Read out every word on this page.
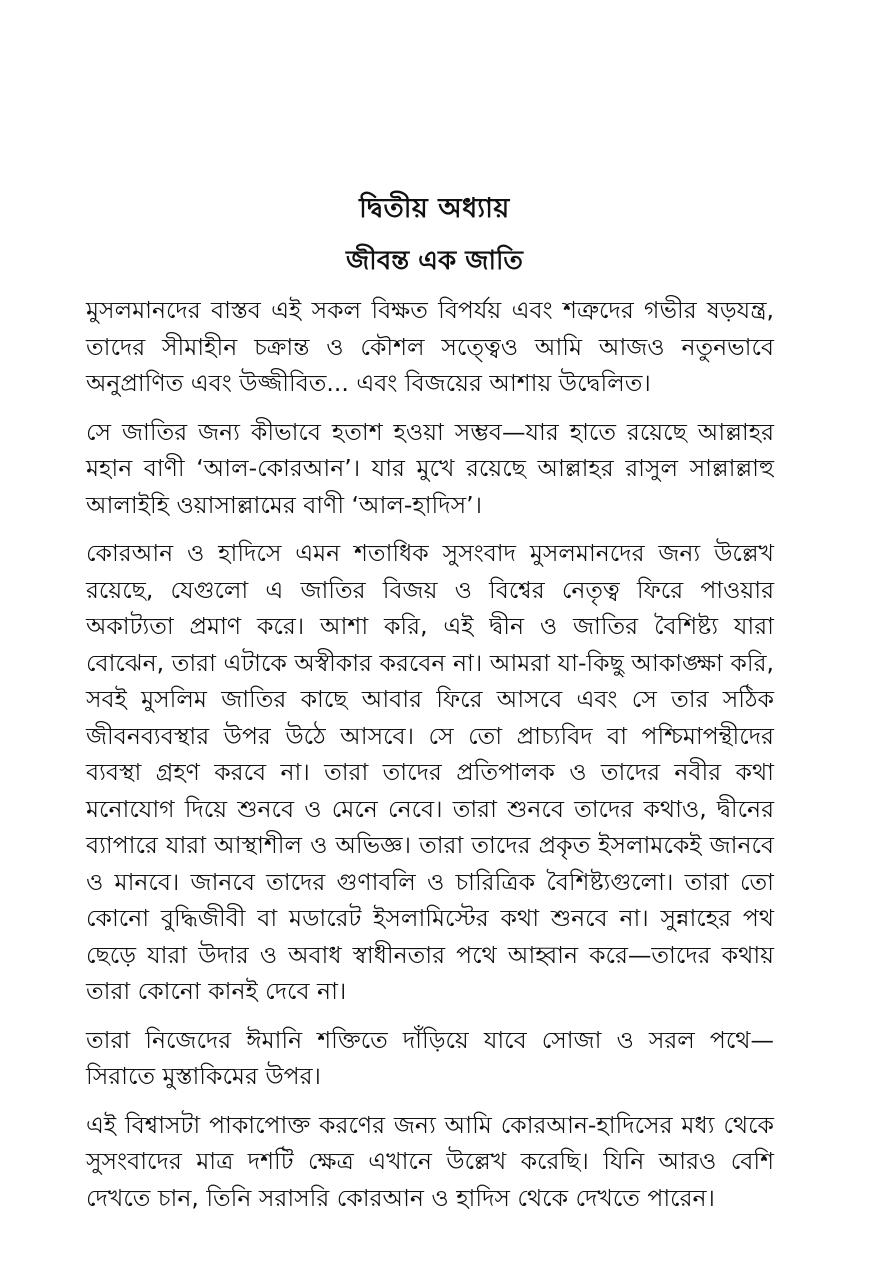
দ্বিতীয় অধ্যায়
জীবন্ত এক জাতি

মুসলমানদের বাস্তব এই সকল বিক্ষত বিপর্যয় এবং শত্রুদের গভীর ষড়যন্ত্র, তাদের সীমাহীন চক্রান্ত ও কৌশল সত্ত্বেও আমি আজও নতুনভাবে অনুপ্রাণিত এবং উজ্জীবিত... এবং বিজয়ের আশায় উদ্বেলিত।

সে জাতির জন্য কীভাবে হতাশ হওয়া সম্ভব—যার হাতে রয়েছে আল্লাহর মহান বাণী ‘আল-কোরআন’। যার মুখে রয়েছে আল্লাহর রাসুল সাল্লাল্লাহু আলাইহি ওয়াসাল্লামের বাণী ‘আল-হাদিস’।

কোরআন ও হাদিসে এমন শতাধিক সুসংবাদ মুসলমানদের জন্য উল্লেখ রয়েছে, যেগুলো এ জাতির বিজয় ও বিশ্বের নেতৃত্ব ফিরে পাওয়ার অকাট্যতা প্রমাণ করে। আশা করি, এই দ্বীন ও জাতির বৈশিষ্ট্য যারা বোঝেন, তারা এটাকে অস্বীকার করবেন না। আমরা যা-কিছু আকাঙ্ক্ষা করি, সবই মুসলিম জাতির কাছে আবার ফিরে আসবে এবং সে তার সঠিক জীবনব্যবস্থার উপর উঠে আসবে। সে তো প্রাচ্যবিদ বা পশ্চিমাপন্থীদের ব্যবস্থা গ্রহণ করবে না। তারা তাদের প্রতিপালক ও তাদের নবীর কথা মনোযোগ দিয়ে শুনবে ও মেনে নেবে। তারা শুনবে তাদের কথাও, দ্বীনের ব্যাপারে যারা আস্থাশীল ও অভিজ্ঞ। তারা তাদের প্রকৃত ইসলামকেই জানবে ও মানবে। জানবে তাদের গুণাবলি ও চারিত্রিক বৈশিষ্ট্যগুলো। তারা তো কোনো বুদ্ধিজীবী বা মডারেট ইসলামিস্টের কথা শুনবে না। সুন্নাহের পথ ছেড়ে যারা উদার ও অবাধ স্বাধীনতার পথে আহ্বান করে—তাদের কথায় তারা কোনো কানই দেবে না।

তারা নিজেদের ঈমানি শক্তিতে দাঁড়িয়ে যাবে সোজা ও সরল পথে—সিরাতে মুস্তাকিমের উপর।

এই বিশ্বাসটা পাকাপোক্ত করণের জন্য আমি কোরআন-হাদিসের মধ্য থেকে সুসংবাদের মাত্র দশটি ক্ষেত্র এখানে উল্লেখ করেছি। যিনি আরও বেশি দেখতে চান, তিনি সরাসরি কোরআন ও হাদিস থেকে দেখতে পারেন।
